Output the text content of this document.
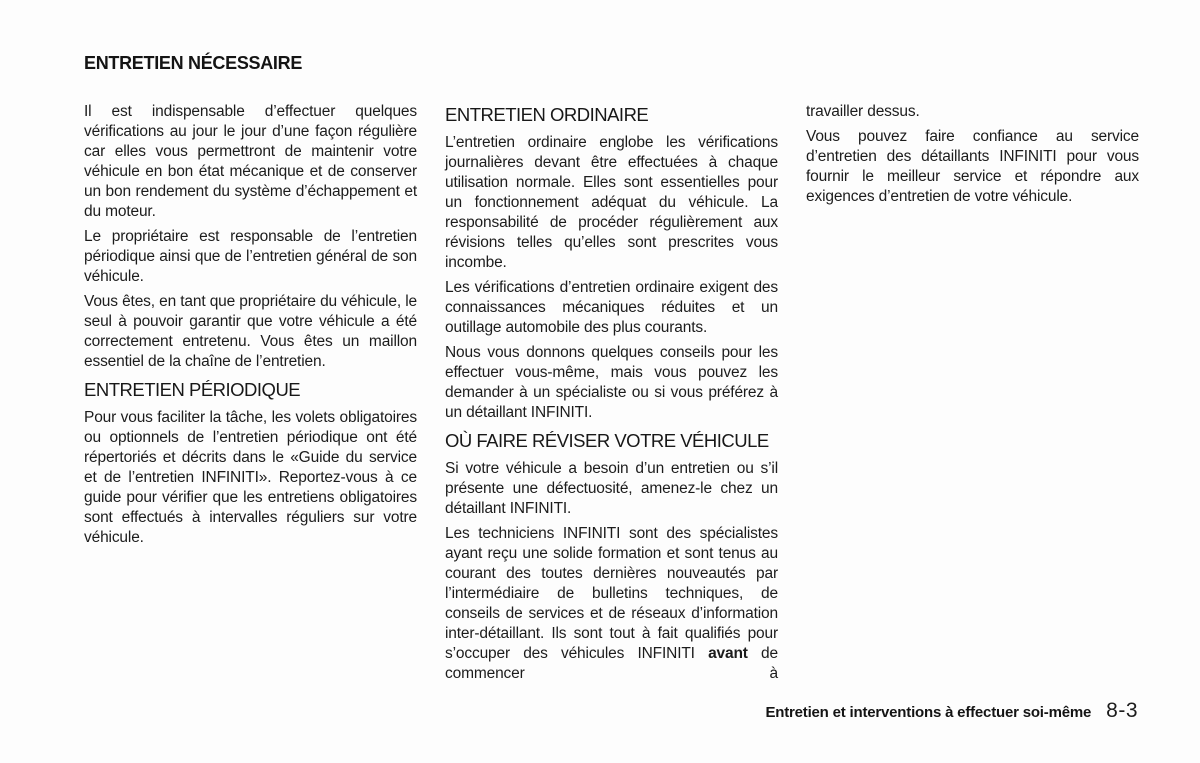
ENTRETIEN NÉCESSAIRE

Il est indispensable d’effectuer quelques vérifications au jour le jour d’une façon régulière car elles vous permettront de maintenir votre véhicule en bon état mécanique et de conserver un bon rendement du système d’échappement et du moteur.

Le propriétaire est responsable de l’entretien périodique ainsi que de l’entretien général de son véhicule.

Vous êtes, en tant que propriétaire du véhicule, le seul à pouvoir garantir que votre véhicule a été correctement entretenu. Vous êtes un maillon essentiel de la chaîne de l’entretien.

ENTRETIEN PÉRIODIQUE

Pour vous faciliter la tâche, les volets obligatoires ou optionnels de l’entretien périodique ont été répertoriés et décrits dans le «Guide du service et de l’entretien INFINITI». Reportez-vous à ce guide pour vérifier que les entretiens obligatoires sont effectués à intervalles réguliers sur votre véhicule.

ENTRETIEN ORDINAIRE

L’entretien ordinaire englobe les vérifications journalières devant être effectuées à chaque utilisation normale. Elles sont essentielles pour un fonctionnement adéquat du véhicule. La responsabilité de procéder régulièrement aux révisions telles qu’elles sont prescrites vous incombe.

Les vérifications d’entretien ordinaire exigent des connaissances mécaniques réduites et un outillage automobile des plus courants.

Nous vous donnons quelques conseils pour les effectuer vous-même, mais vous pouvez les demander à un spécialiste ou si vous préférez à un détaillant INFINITI.

OÙ FAIRE RÉVISER VOTRE VÉHICULE

Si votre véhicule a besoin d’un entretien ou s’il présente une défectuosité, amenez-le chez un détaillant INFINITI.

Les techniciens INFINITI sont des spécialistes ayant reçu une solide formation et sont tenus au courant des toutes dernières nouveautés par l’intermédiaire de bulletins techniques, de conseils de services et de réseaux d’information inter-détaillant. Ils sont tout à fait qualifiés pour s’occuper des véhicules INFINITI avant de commencer à

travailler dessus.

Vous pouvez faire confiance au service d’entretien des détaillants INFINITI pour vous fournir le meilleur service et répondre aux exigences d’entretien de votre véhicule.

Entretien et interventions à effectuer soi-même 8-3
